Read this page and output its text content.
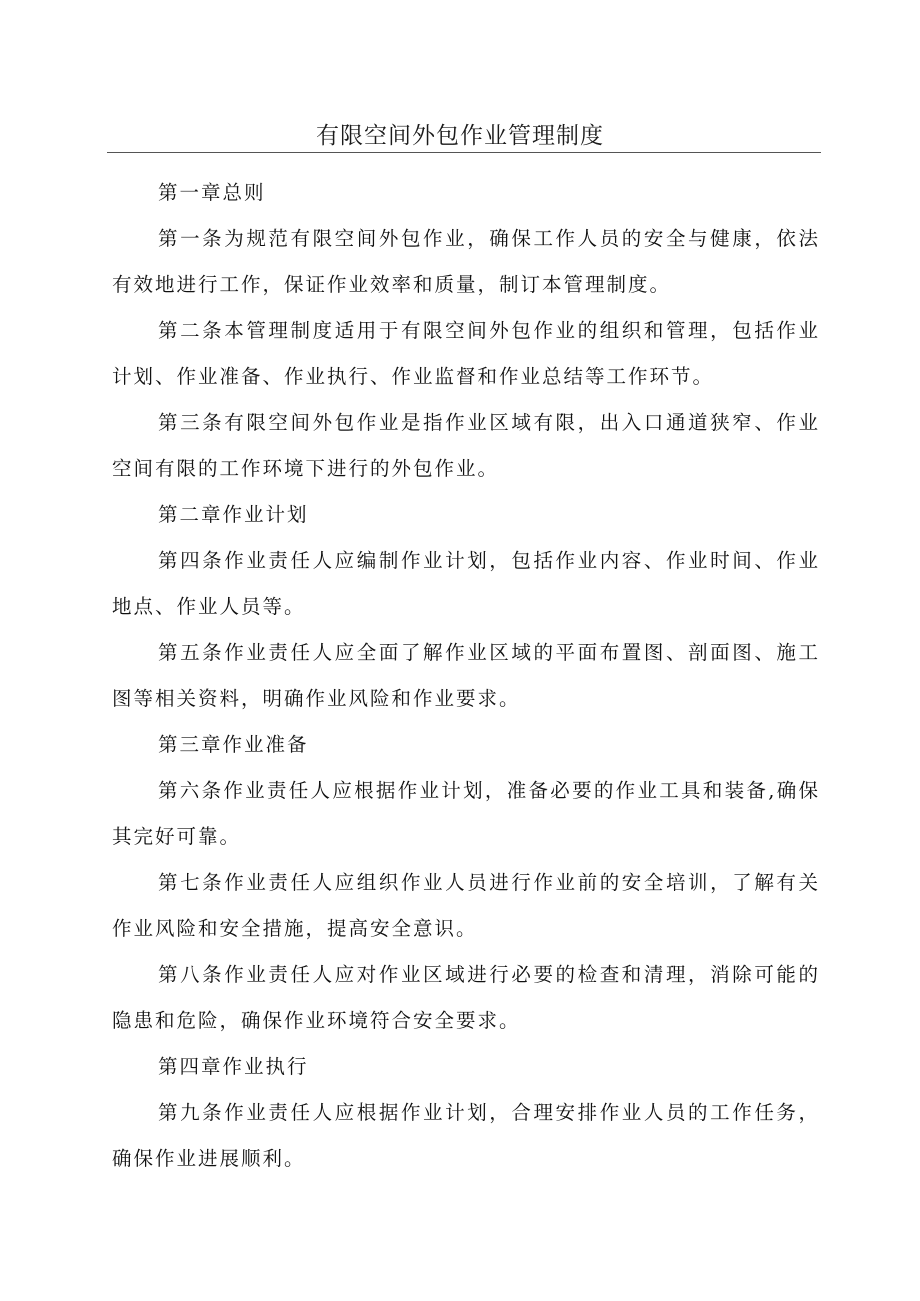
有限空间外包作业管理制度

第一章总则

第一条为规范有限空间外包作业，确保工作人员的安全与健康，依法有效地进行工作，保证作业效率和质量，制订本管理制度。

第二条本管理制度适用于有限空间外包作业的组织和管理，包括作业计划、作业准备、作业执行、作业监督和作业总结等工作环节。

第三条有限空间外包作业是指作业区域有限，出入口通道狭窄、作业空间有限的工作环境下进行的外包作业。

第二章作业计划

第四条作业责任人应编制作业计划，包括作业内容、作业时间、作业地点、作业人员等。

第五条作业责任人应全面了解作业区域的平面布置图、剖面图、施工图等相关资料，明确作业风险和作业要求。

第三章作业准备

第六条作业责任人应根据作业计划，准备必要的作业工具和装备,确保其完好可靠。

第七条作业责任人应组织作业人员进行作业前的安全培训，了解有关作业风险和安全措施，提高安全意识。

第八条作业责任人应对作业区域进行必要的检查和清理，消除可能的隐患和危险，确保作业环境符合安全要求。

第四章作业执行

第九条作业责任人应根据作业计划，合理安排作业人员的工作任务，确保作业进展顺利。
